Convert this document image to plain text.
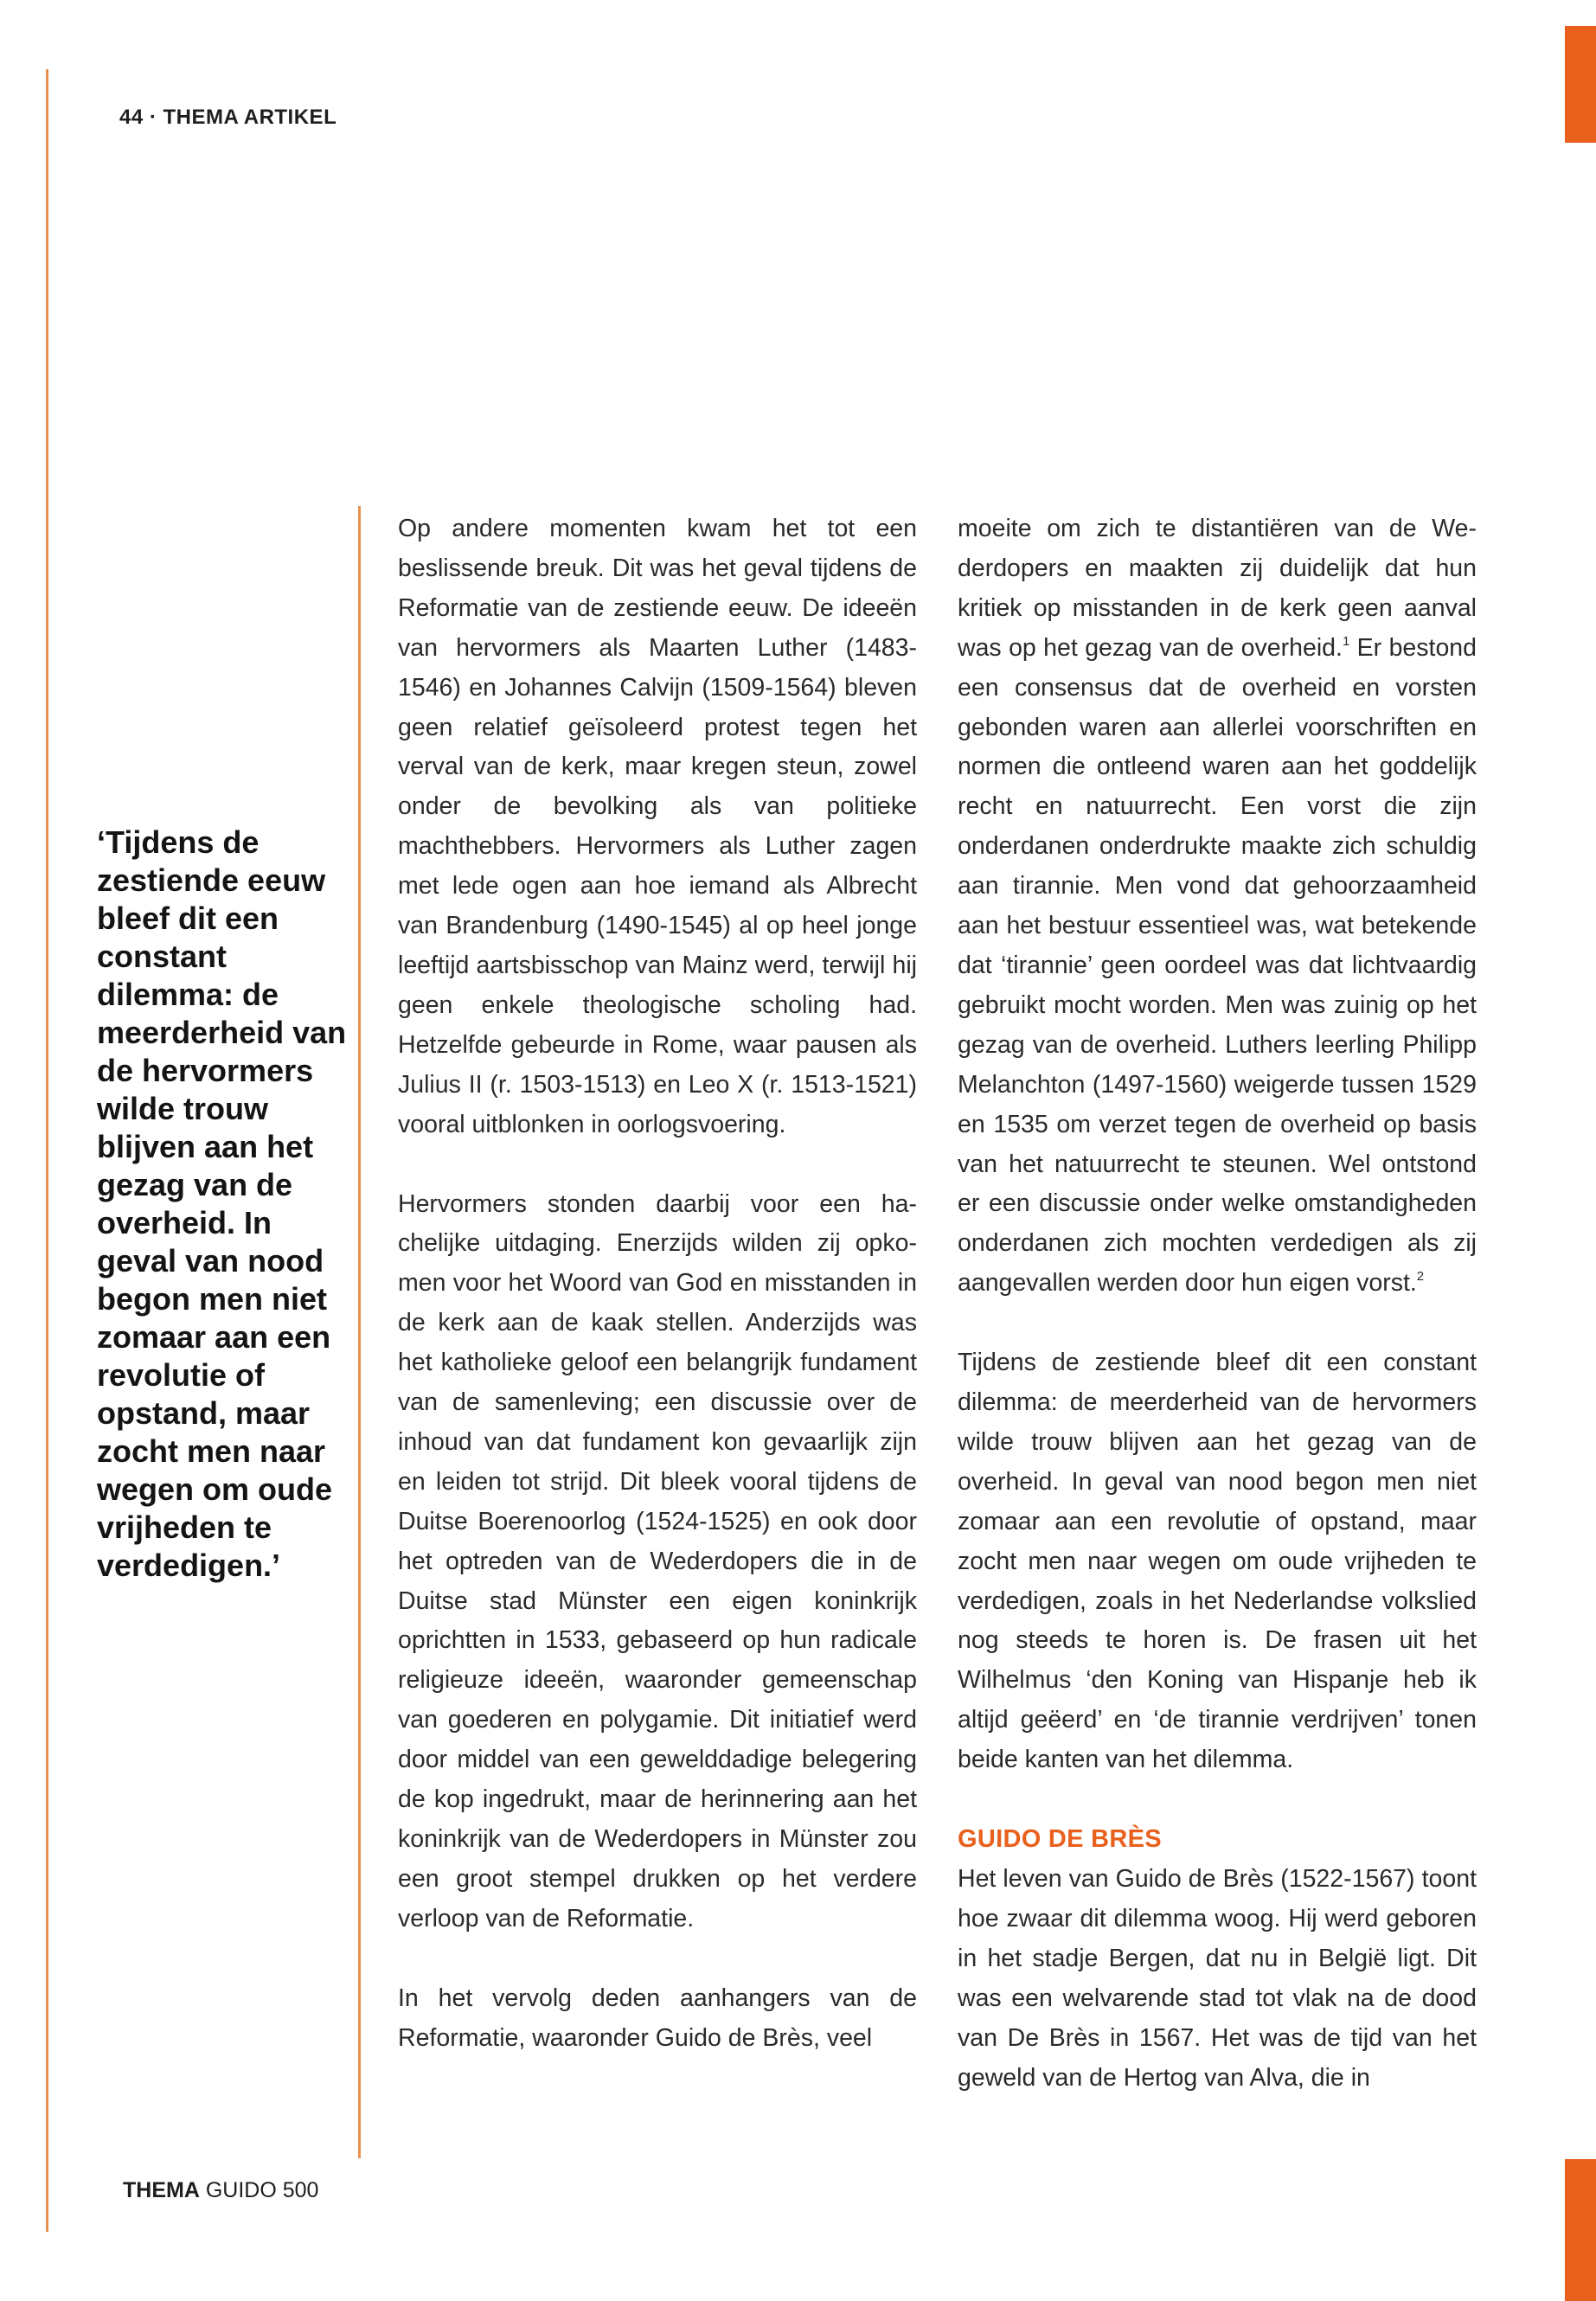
44 · THEMA ARTIKEL
‘Tijdens de zestiende eeuw bleef dit een constant dilemma: de meerderheid van de hervormers wilde trouw blijven aan het gezag van de overheid. In geval van nood begon men niet zomaar aan een revolutie of opstand, maar zocht men naar wegen om oude vrijheden te verdedigen.’

Op andere momenten kwam het tot een beslissende breuk. Dit was het geval tijdens de Reformatie van de zestiende eeuw. De ideeën van hervormers als Maarten Luther (1483-1546) en Johannes Calvijn (1509-1564) bleven geen relatief geïsoleerd protest tegen het verval van de kerk, maar kregen steun, zowel onder de bevolking als van politieke machthebbers. Hervormers als Luther zagen met lede ogen aan hoe iemand als Albrecht van Brandenburg (1490-1545) al op heel jonge leeftijd aartsbisschop van Mainz werd, terwijl hij geen enkele theologische scholing had. Hetzelfde gebeurde in Rome, waar pausen als Julius II (r. 1503-1513) en Leo X (r. 1513-1521) vooral uitblonken in oorlogsvoering.

Hervormers stonden daarbij voor een hachelijke uitdaging. Enerzijds wilden zij opkomen voor het Woord van God en misstanden in de kerk aan de kaak stellen. Anderzijds was het katholieke geloof een belangrijk fundament van de samenleving; een discussie over de inhoud van dat fundament kon gevaarlijk zijn en leiden tot strijd. Dit bleek vooral tijdens de Duitse Boerenoorlog (1524-1525) en ook door het optreden van de Wederdopers die in de Duitse stad Münster een eigen koninkrijk oprichtten in 1533, gebaseerd op hun radicale religieuze ideeën, waaronder gemeenschap van goederen en polygamie. Dit initiatief werd door middel van een gewelddadige belegering de kop ingedrukt, maar de herinnering aan het koninkrijk van de Wederdopers in Münster zou een groot stempel drukken op het verdere verloop van de Reformatie.

In het vervolg deden aanhangers van de Reformatie, waaronder Guido de Brès, veel

moeite om zich te distantiëren van de Wederdopers en maakten zij duidelijk dat hun kritiek op misstanden in de kerk geen aanval was op het gezag van de overheid.$^1$ Er bestond een consensus dat de overheid en vorsten gebonden waren aan allerlei voorschriften en normen die ontleend waren aan het goddelijk recht en natuurrecht. Een vorst die zijn onderdanen onderdrukte maakte zich schuldig aan tirannie. Men vond dat gehoorzaamheid aan het bestuur essentieel was, wat betekende dat ‘tirannie’ geen oordeel was dat lichtvaardig gebruikt mocht worden. Men was zuinig op het gezag van de overheid. Luthers leerling Philipp Melanchton (1497-1560) weigerde tussen 1529 en 1535 om verzet tegen de overheid op basis van het natuurrecht te steunen. Wel ontstond er een discussie onder welke omstandigheden onderdanen zich mochten verdedigen als zij aangevallen werden door hun eigen vorst.$^2$

Tijdens de zestiende bleef dit een constant dilemma: de meerderheid van de hervormers wilde trouw blijven aan het gezag van de overheid. In geval van nood begon men niet zomaar aan een revolutie of opstand, maar zocht men naar wegen om oude vrijheden te verdedigen, zoals in het Nederlandse volkslied nog steeds te horen is. De frasen uit het Wilhelmus ‘den Koning van Hispanje heb ik altijd geëerd’ en ‘de tirannie verdrijven’ tonen beide kanten van het dilemma.

GUIDO DE BRÈS

Het leven van Guido de Brès (1522-1567) toont hoe zwaar dit dilemma woog. Hij werd geboren in het stadje Bergen, dat nu in België ligt. Dit was een welvarende stad tot vlak na de dood van De Brès in 1567. Het was de tijd van het geweld van de Hertog van Alva, die in

THEMA GUIDO 500
